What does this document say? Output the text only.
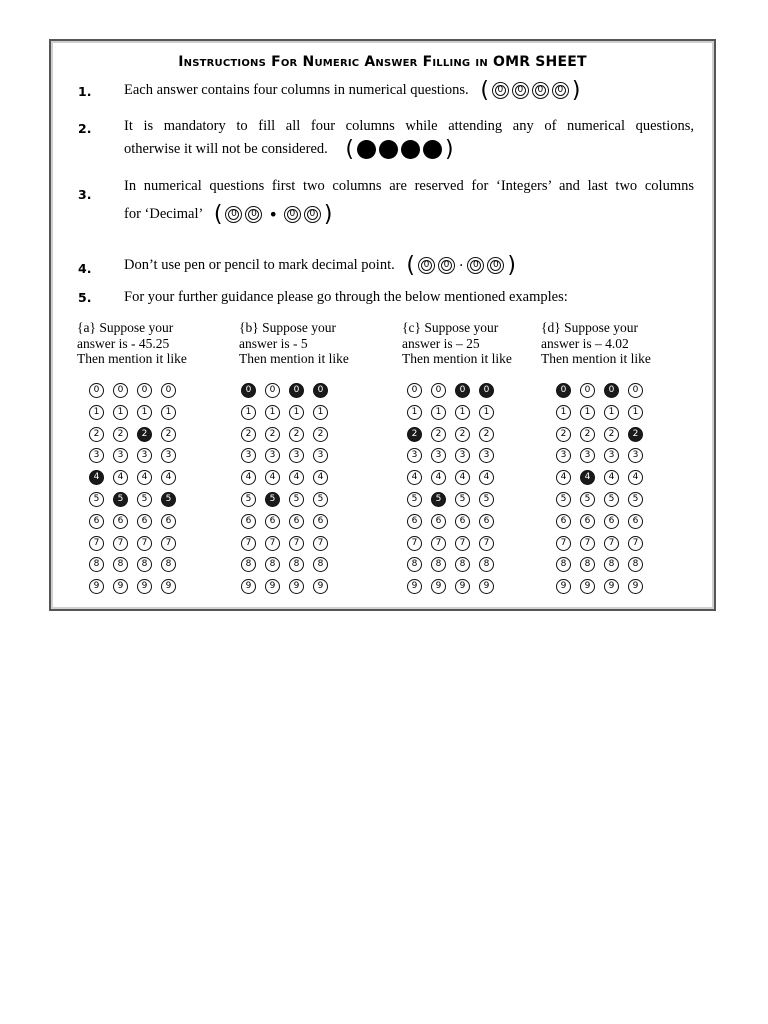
Instructions For Numeric Answer Filling in OMR SHEET
1. Each answer contains four columns in numerical questions. ( 0 0 0 0 )
2. It is mandatory to fill all four columns while attending any of numerical questions,
otherwise it will not be considered. (	)
3.
In numerical questions first two columns are reserved for ‘Integers’ and last two columns
for ‘Decimal’ ( 0 0 • 0 0 )
4. Don’t use pen or pencil to mark decimal point. ( 0 0 · 0 0 )
5. For your further guidance please go through the below mentioned examples:
{a} Suppose your
answer is - 45.25
Then mention it like
{b} Suppose your
answer is - 5
Then mention it like
{c} Suppose your
answer is – 25
Then mention it like
{d} Suppose your
answer is – 4.02
Then mention it like
0	0	0	0
1	1	1	1
2	2	2	2
3	3	3	3
4	4	4	4
5	5	5	5
6	6	6	6
7	7	7	7
8	8	8	8
9	9	9	9
0	0	0	0
1	1	1	1
2	2	2	2
3	3	3	3
4	4	4	4
5	5	5	5
6	6	6	6
7	7	7	7
8	8	8	8
9	9	9	9
0	0	0	0
1	1	1	1
2	2	2	2
3	3	3	3
4	4	4	4
5	5	5	5
6	6	6	6
7	7	7	7
8	8	8	8
9	9	9	9
0	0	0	0
1	1	1	1
2	2	2	2
3	3	3	3
4	4	4	4
5	5	5	5
6	6	6	6
7	7	7	7
8	8	8	8
9	9	9	9
